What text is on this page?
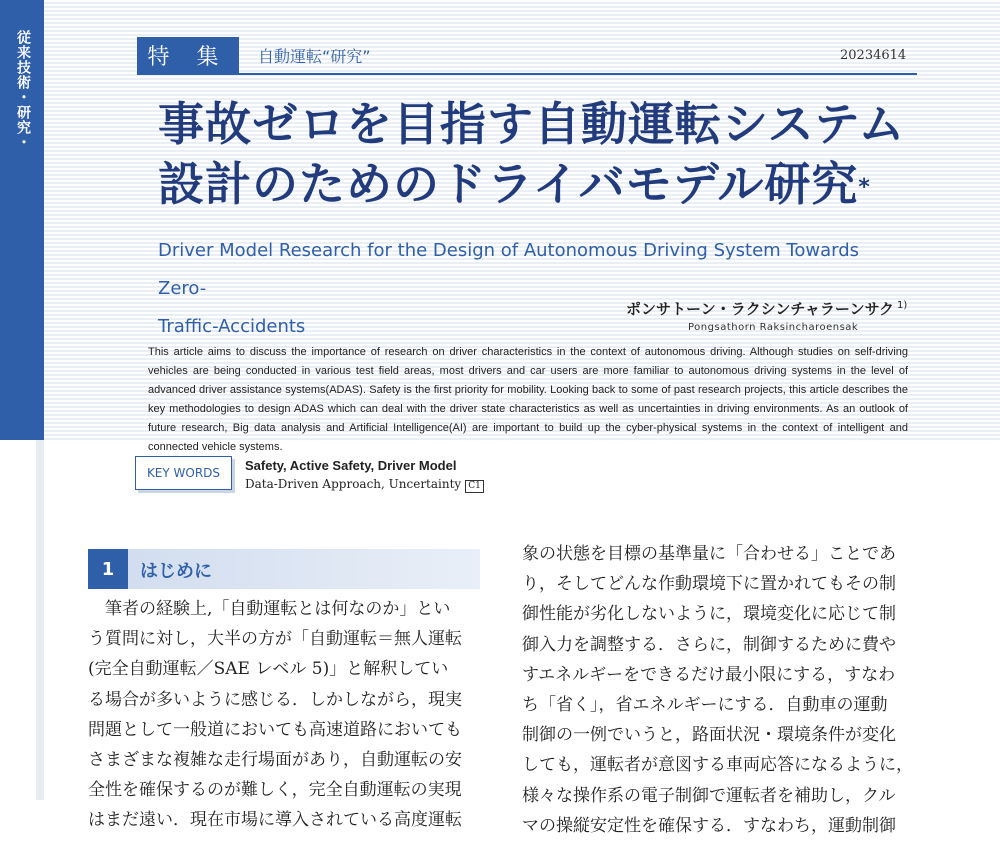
従来技術・研究・	特 集	自動運転“研究”	20234614
事故ゼロを目指す自動運転システム
設計のためのドライバモデル研究*

Driver Model Research for the Design of Autonomous Driving System Towards Zero-
Traffic-Accidents

ポンサトーン・ラクシンチャラーンサク $^{1)}$
Pongsathorn Raksincharoensak

This article aims to discuss the importance of research on driver characteristics in the context of autonomous driving. Although studies on self-driving vehicles are being conducted in various test field areas, most drivers and car users are more familiar to autonomous driving systems in the level of advanced driver assistance systems(ADAS). Safety is the first priority for mobility. Looking back to some of past research projects, this article describes the key methodologies to design ADAS which can deal with the driver state characteristics as well as uncertainties in driving environments. As an outlook of future research, Big data analysis and Artificial Intelligence(AI) are important to build up the cyber-physical systems in the context of intelligent and connected vehicle systems.

KEY WORDS	Safety, Active Safety, Driver Model
Data-Driven Approach, Uncertainty C1
1	はじめに

　筆者の経験上,「自動運転とは何なのか」とい

う質問に対し，大半の方が「自動運転＝無人運転

(完全自動運転／SAE レベル 5)」と解釈してい

る場合が多いように感じる．しかしながら，現実

問題として一般道においても高速道路においても

さまざまな複雑な走行場面があり，自動運転の安

全性を確保するのが難しく，完全自動運転の実現

はまだ遠い．現在市場に導入されている高度運転

象の状態を目標の基準量に「合わせる」ことであ

り，そしてどんな作動環境下に置かれてもその制

御性能が劣化しないように，環境変化に応じて制

御入力を調整する．さらに，制御するために費や

すエネルギーをできるだけ最小限にする，すなわ

ち「省く」，省エネルギーにする．自動車の運動

制御の一例でいうと，路面状況・環境条件が変化

しても，運転者が意図する車両応答になるように，

様々な操作系の電子制御で運転者を補助し，クル

マの操縦安定性を確保する．すなわち，運動制御
